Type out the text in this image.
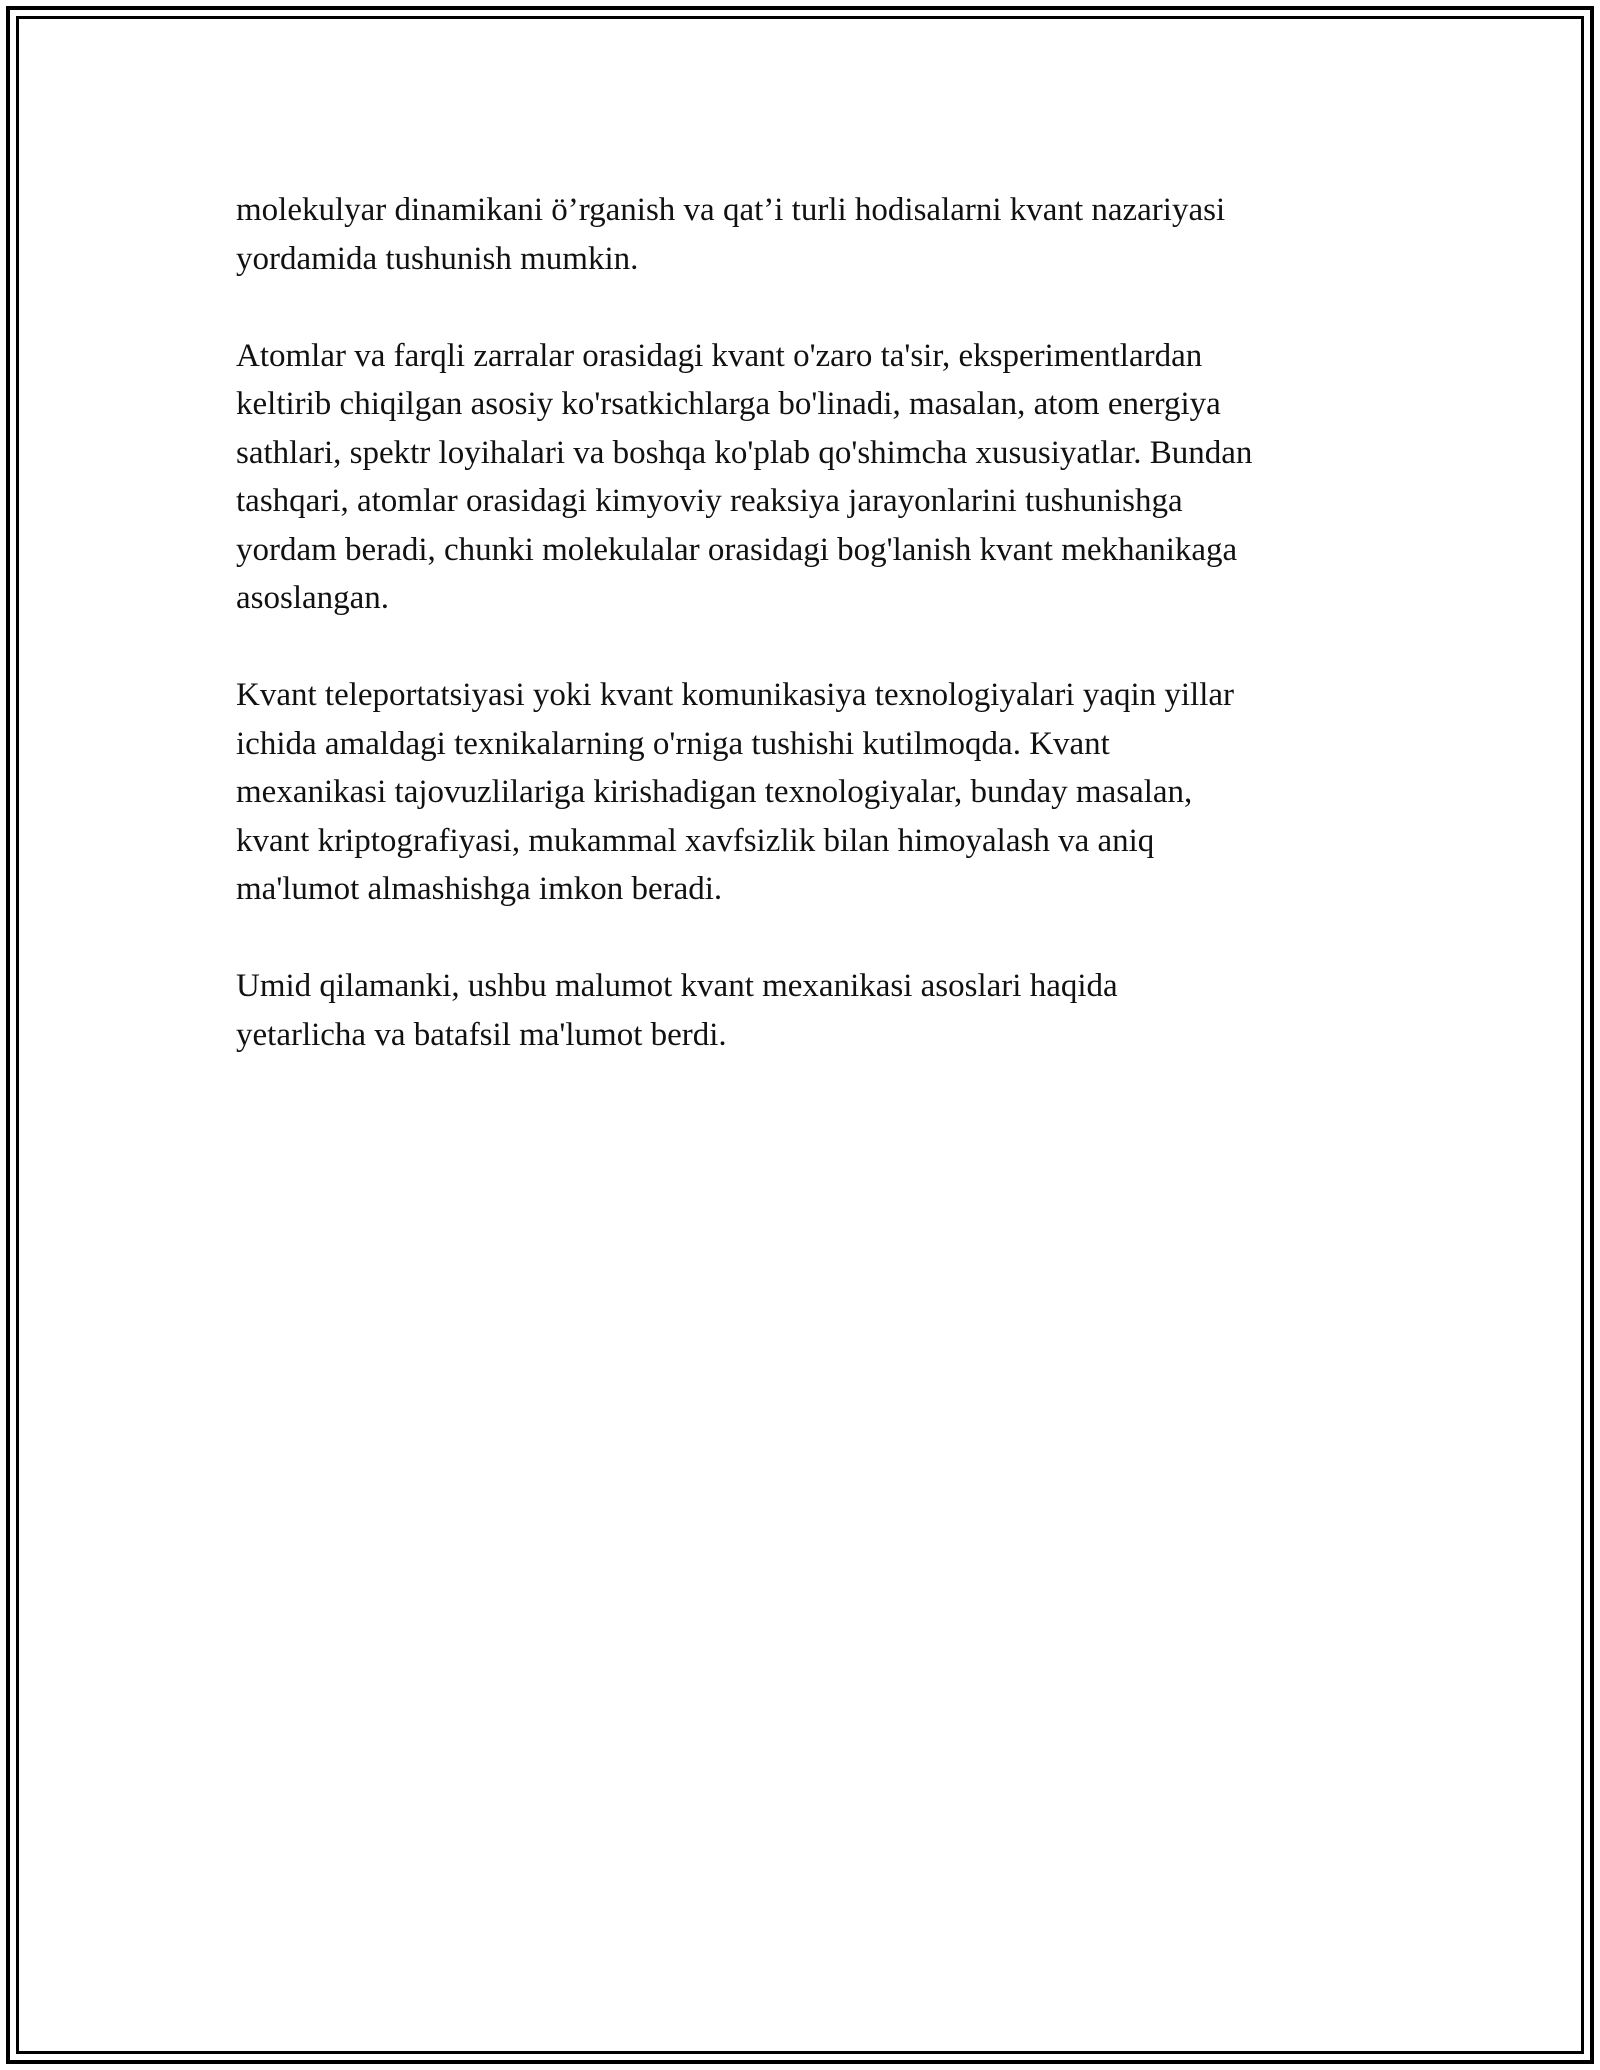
molekulyar dinamikani ö’rganish va qat’i turli hodisalarni kvant nazariyasi
yordamida tushunish mumkin.

Atomlar va farqli zarralar orasidagi kvant o'zaro ta'sir, eksperimentlardan
keltirib chiqilgan asosiy ko'rsatkichlarga bo'linadi, masalan, atom energiya
sathlari, spektr loyihalari va boshqa ko'plab qo'shimcha xususiyatlar. Bundan
tashqari, atomlar orasidagi kimyoviy reaksiya jarayonlarini tushunishga
yordam beradi, chunki molekulalar orasidagi bog'lanish kvant mekhanikaga
asoslangan.

Kvant teleportatsiyasi yoki kvant komunikasiya texnologiyalari yaqin yillar
ichida amaldagi texnikalarning o'rniga tushishi kutilmoqda. Kvant
mexanikasi tajovuzlilariga kirishadigan texnologiyalar, bunday masalan,
kvant kriptografiyasi, mukammal xavfsizlik bilan himoyalash va aniq
ma'lumot almashishga imkon beradi.

Umid qilamanki, ushbu malumot kvant mexanikasi asoslari haqida
yetarlicha va batafsil ma'lumot berdi.
